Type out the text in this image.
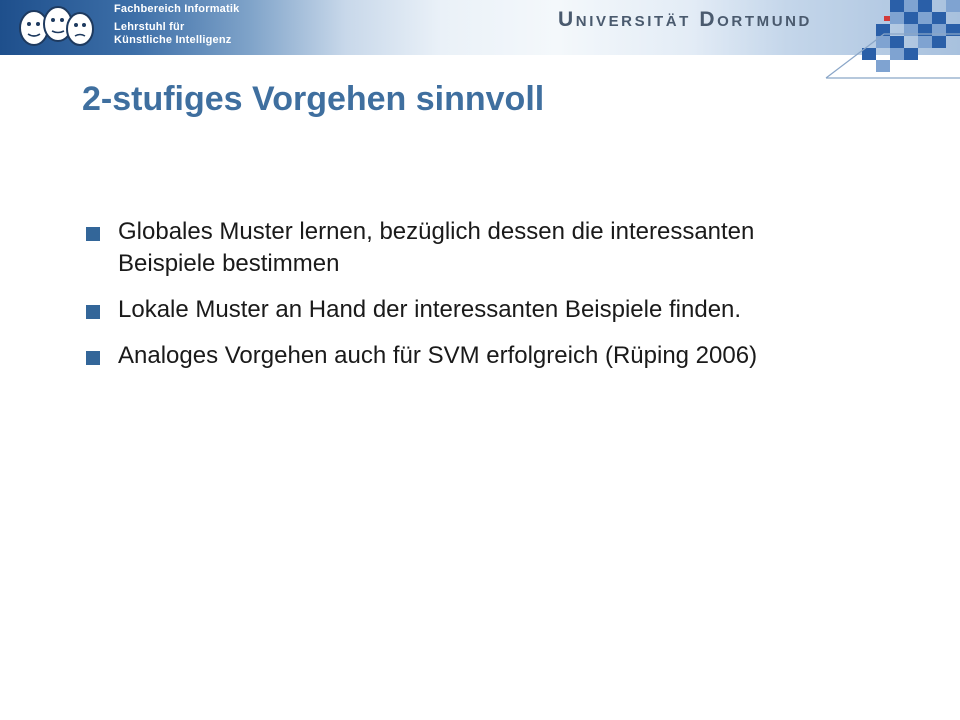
Fachbereich Informatik
Lehrstuhl für
Künstliche Intelligenz
Universität Dortmund
2-stufiges Vorgehen sinnvoll
Globales Muster lernen, bezüglich dessen die interessanten Beispiele bestimmen
Lokale Muster an Hand der interessanten Beispiele finden.
Analoges Vorgehen auch für SVM erfolgreich (Rüping 2006)
